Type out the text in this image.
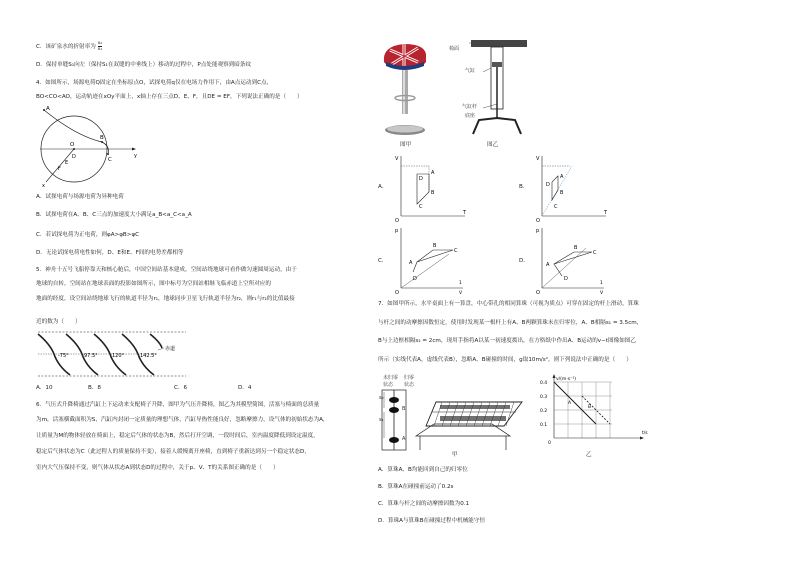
C．该矿泉水的折射率为 $\frac{\text{x₂}}{\text{x₁}}$
D．保持单缝S₁向左（保持S₁在双缝的中垂线上）移动的过程中，P点处能观察到暗条纹
4．如图所示，场源电荷Q固定在坐标原点O，试探电荷q仅在电场力作用下，由A点运动到C点，
BO<CO<AO，运动轨迹在xOy平面上，x轴上存在三点D、E、F，且DE = EF，下列说法正确的是（　　）
A
B
C
O
D
E
F
x
y
A．试探电荷与场源电荷为异种电荷
B．试探电荷在A、B、C三点的加速度大小满足a_B<a_C<a_A
C．若试探电荷为正电荷，则φA>φB>φC
D．无论试探电荷电性如何，D、E和E、F间的电势差都相等
5．神舟十五号飞船停靠天和核心舱后，中国空间站基本建成，空间站绕地球可看作做匀速圆周运动，由于
地球的自转，空间站在地球表面的投影如图所示，图中标号为空间站相继飞临赤道上空所对应的
地面的经度，设空间站绕地球飞行的轨道半径为r₁，地球同步卫星飞行轨道半径为r₂，则r₁与r₂的比值最接
近的数为（　　）
-75°	97.5°	120°	142.5°
赤道
A．10	B．8	C．6	D．4
6．气压式升降椅通过汽缸上下运动来支配椅子升降，图甲为气压升降椅，图乙为其模型简图，活塞与椅面的总质量
为m，活塞横截面积为S，汽缸内封闭一定质量的理想气体，汽缸导热性能良好，忽略摩擦力，设气体的初始状态为A，
让质量为M的物体轻放在椅面上，稳定后气体的状态为B，然后打开空调，一段时间后，室内温度降低到设定温度，
稳定后气体状态为C（此过程人的质量保持不变），接着人缓慢离开座椅，直到椅子重新达到另一个稳定状态D，
室内大气压保持不变，则气体从状态A到状态D的过程中，关于p、V、T的关系图正确的是（　　）
图甲
椅面
气缸
气缸杆
底座
图乙
A．
V
T
O
A
B
C
D
B．
V
T
O
A
B
C
D
C．
p
1
V
O
A
B
C
D
D．
p
1
V
O
A
B
C
D
7．如图甲所示，水平桌面上有一算盘，中心带孔的相同算珠（可视为质点）可穿在固定的杆上滑动，算珠
与杆之间的动摩擦因数恒定，使用时发现某一根杆上有A、B两颗算珠未在归零位，A、B相隔s₁ = 3.5cm，
B与上边框相隔s₂ = 2cm，现用手指将A以某一初速度拨出，在方格纸中作出A、B运动的v−t图像如图乙
所示（实线代表A，虚线代表B），忽略A、B碰撞的时间，g取10m/s²，则下列说法中正确的是（　　）
未归零 归零
状态 状态
s₂
s₁
B
A
甲
v/(m·s⁻¹)
0.4
0.3
0.2
0.1
0
t/s
A
B
乙
A．算珠A、B均能回到自己的归零位
B．算珠A在碰撞前运动了0.2s
C．算珠与杆之间的动摩擦因数为0.1
D．算珠A与算珠B在碰撞过程中机械能守恒
